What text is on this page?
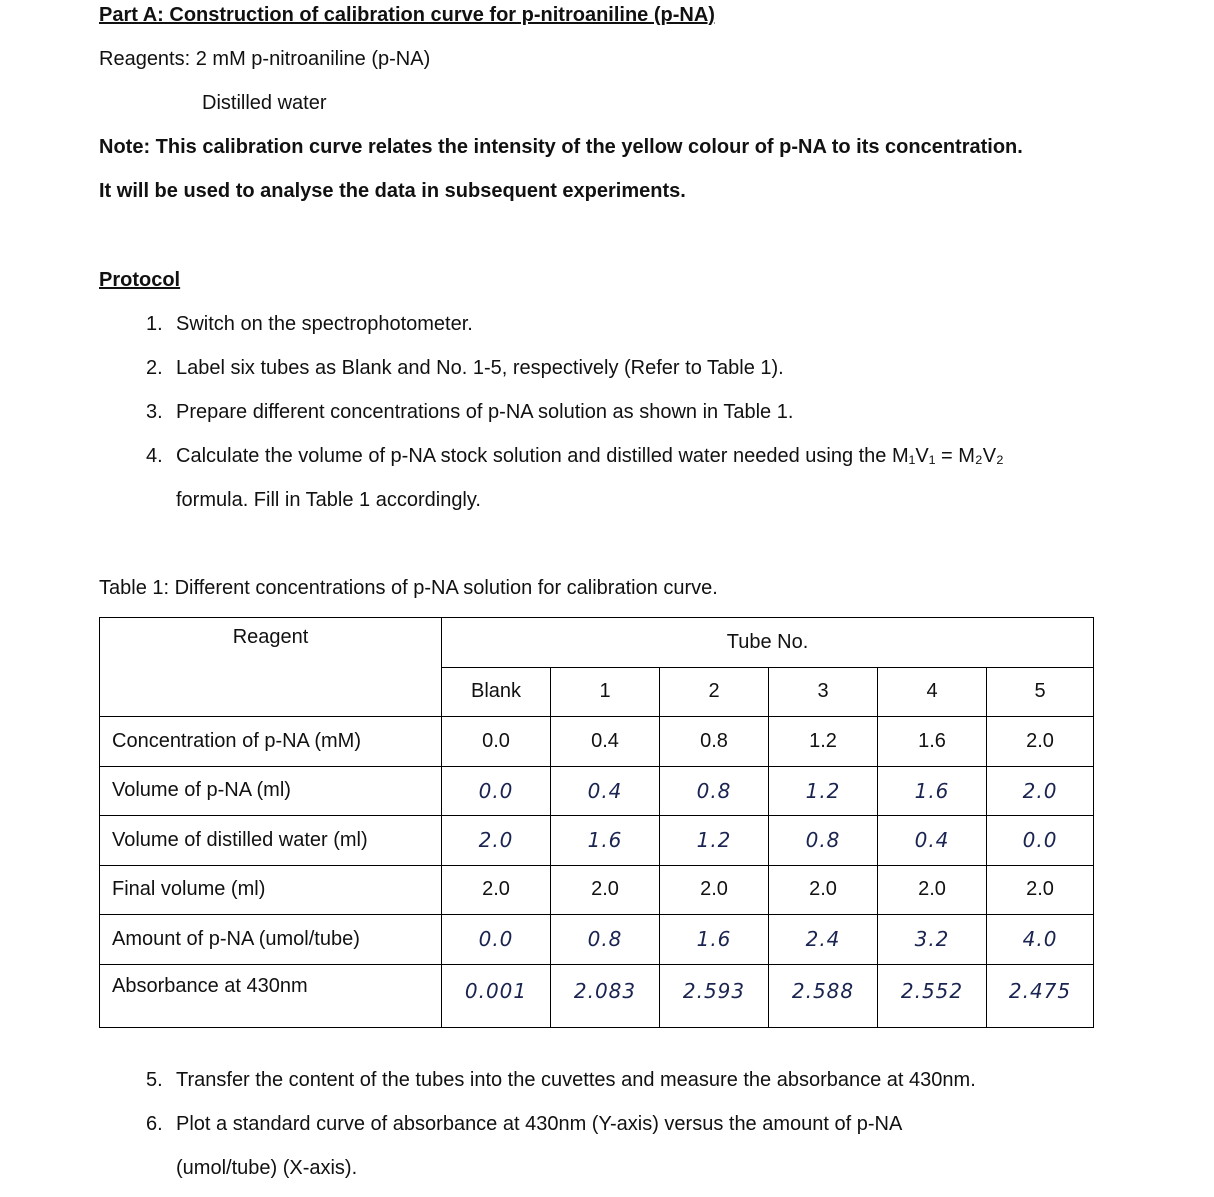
Part A: Construction of calibration curve for p-nitroaniline (p-NA)
Reagents: 2 mM p-nitroaniline (p-NA)
Distilled water
Note: This calibration curve relates the intensity of the yellow colour of p-NA to its concentration.
It will be used to analyse the data in subsequent experiments.
Protocol
1. Switch on the spectrophotometer.
2. Label six tubes as Blank and No. 1-5, respectively (Refer to Table 1).
3. Prepare different concentrations of p-NA solution as shown in Table 1.
4. Calculate the volume of p-NA stock solution and distilled water needed using the M₁V₁ = M₂V₂
formula. Fill in Table 1 accordingly.
Table 1: Different concentrations of p-NA solution for calibration curve.
Reagent	Tube No.					
	Blank	1	2	3	4	5
Concentration of p-NA (mM)	0.0	0.4	0.8	1.2	1.6	2.0
Volume of p-NA (ml)	0.0	0.4	0.8	1.2	1.6	2.0
Volume of distilled water (ml)	2.0	1.6	1.2	0.8	0.4	0.0
Final volume (ml)	2.0	2.0	2.0	2.0	2.0	2.0
Amount of p-NA (umol/tube)	0.0	0.8	1.6	2.4	3.2	4.0
Absorbance at 430nm	0.001	2.083	2.593	2.588	2.552	2.475
5. Transfer the content of the tubes into the cuvettes and measure the absorbance at 430nm.
6. Plot a standard curve of absorbance at 430nm (Y-axis) versus the amount of p-NA
(umol/tube) (X-axis).
